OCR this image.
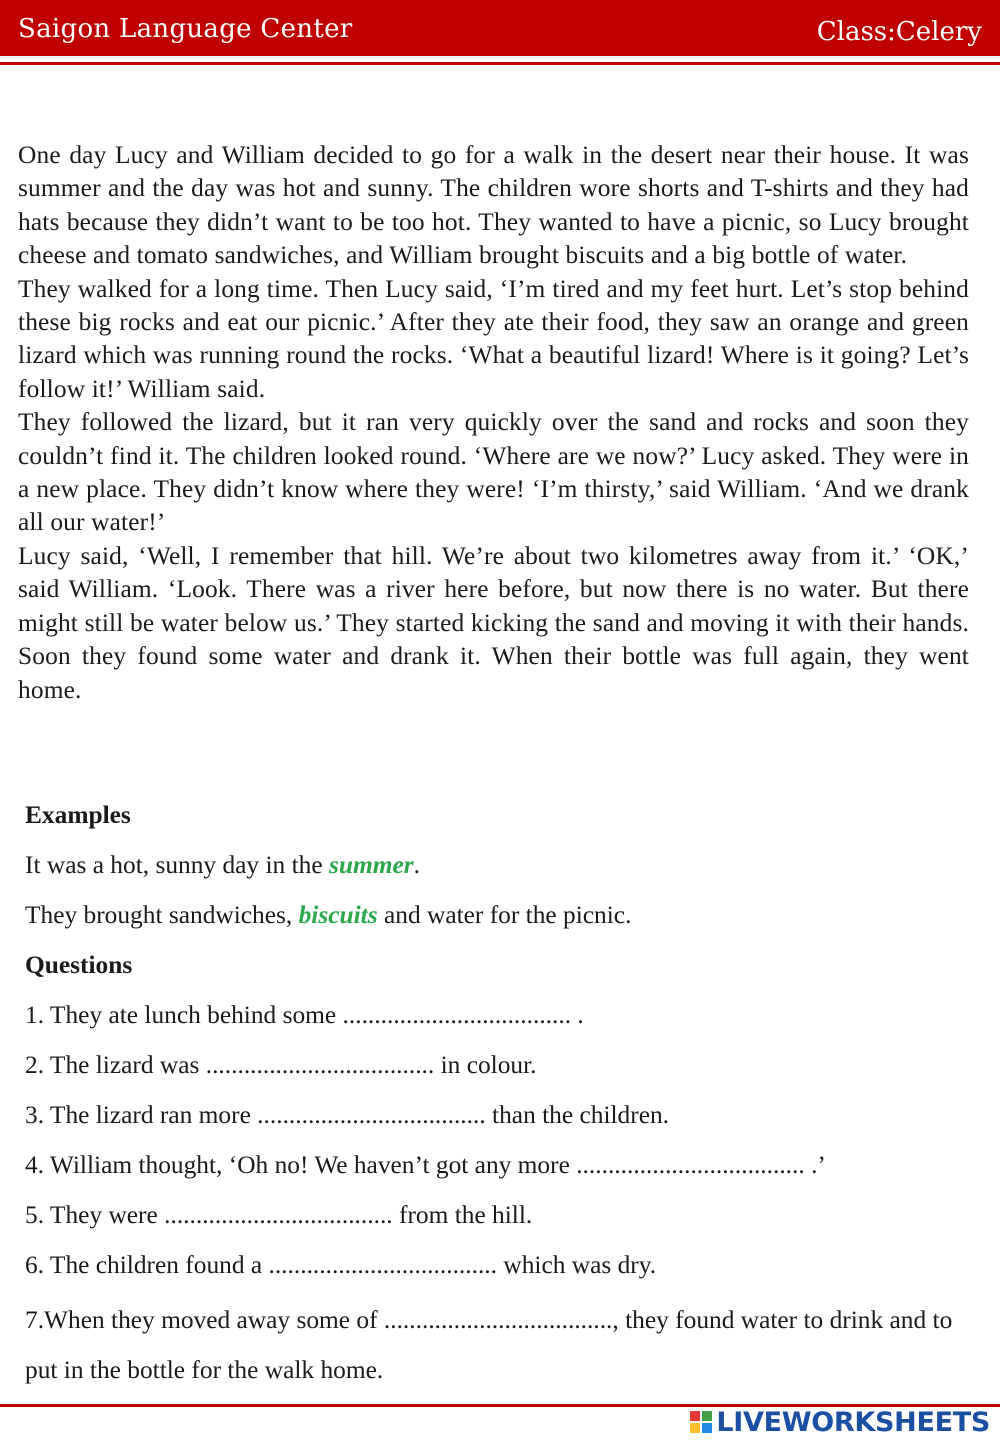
Saigon Language Center	Class:Celery

One day Lucy and William decided to go for a walk in the desert near their house. It was summer and the day was hot and sunny. The children wore shorts and T-shirts and they had hats because they didn’t want to be too hot. They wanted to have a picnic, so Lucy brought cheese and tomato sandwiches, and William brought biscuits and a big bottle of water.

They walked for a long time. Then Lucy said, ‘I’m tired and my feet hurt. Let’s stop behind these big rocks and eat our picnic.’ After they ate their food, they saw an orange and green lizard which was running round the rocks. ‘What a beautiful lizard! Where is it going? Let’s follow it!’ William said.

They followed the lizard, but it ran very quickly over the sand and rocks and soon they couldn’t find it. The children looked round. ‘Where are we now?’ Lucy asked. They were in a new place. They didn’t know where they were! ‘I’m thirsty,’ said William. ‘And we drank all our water!’

Lucy said, ‘Well, I remember that hill. We’re about two kilometres away from it.’ ‘OK,’ said William. ‘Look. There was a river here before, but now there is no water. But there might still be water below us.’ They started kicking the sand and moving it with their hands. Soon they found some water and drank it. When their bottle was full again, they went home.

Examples
It was a hot, sunny day in the summer.
They brought sandwiches, biscuits and water for the picnic.
Questions
1. They ate lunch behind some .................................... .
2. The lizard was .................................... in colour.
3. The lizard ran more .................................... than the children.
4. William thought, ‘Oh no! We haven’t got any more .................................... .’
5. They were .................................... from the hill.
6. The children found a .................................... which was dry.
7.When they moved away some of ...................................., they found water to drink and to put in the bottle for the walk home.
LIVEWORKSHEETS
